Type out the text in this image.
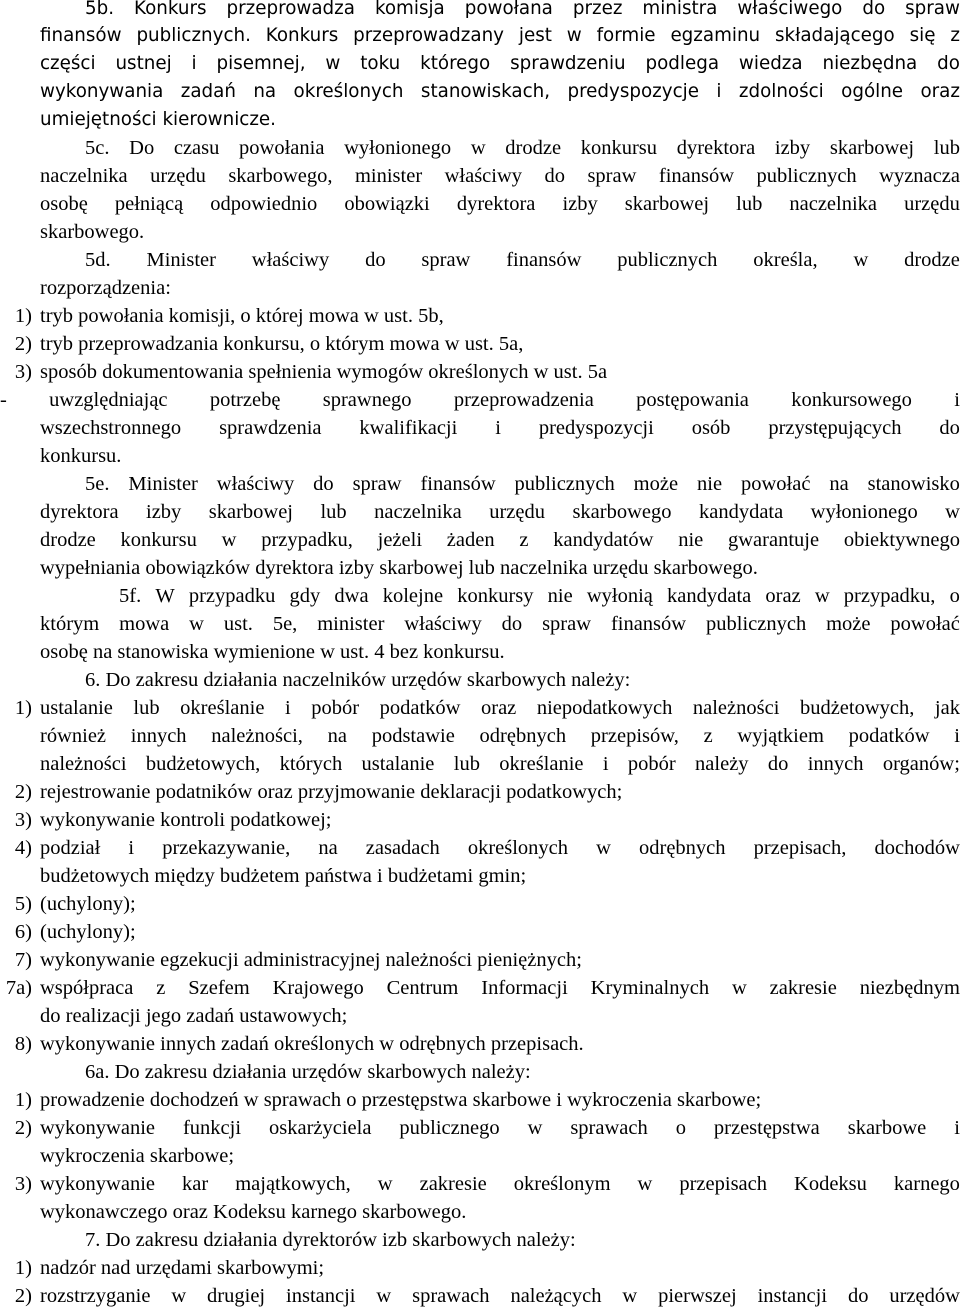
5b. Konkurs przeprowadza komisja powołana przez ministra właściwego do spraw
finansów publicznych. Konkurs przeprowadzany jest w formie egzaminu składającego się z
części ustnej i pisemnej, w toku którego sprawdzeniu podlega wiedza niezbędna do
wykonywania zadań na określonych stanowiskach, predyspozycje i zdolności ogólne oraz
umiejętności kierownicze.
5c. Do czasu powołania wyłonionego w drodze konkursu dyrektora izby skarbowej lub
naczelnika urzędu skarbowego, minister właściwy do spraw finansów publicznych wyznacza
osobę pełniącą odpowiednio obowiązki dyrektora izby skarbowej lub naczelnika urzędu
skarbowego.
5d. Minister właściwy do spraw finansów publicznych określa, w drodze
rozporządzenia:
tryb powołania komisji, o której mowa w ust. 5b,
1)
tryb przeprowadzania konkursu, o którym mowa w ust. 5a,
2)
sposób dokumentowania spełnienia wymogów określonych w ust. 5a
3)
- uwzględniając potrzebę sprawnego przeprowadzenia postępowania konkursowego i
wszechstronnego sprawdzenia kwalifikacji i predyspozycji osób przystępujących do
konkursu.
5e. Minister właściwy do spraw finansów publicznych może nie powołać na stanowisko
dyrektora izby skarbowej lub naczelnika urzędu skarbowego kandydata wyłonionego w
drodze konkursu w przypadku, jeżeli żaden z kandydatów nie gwarantuje obiektywnego
wypełniania obowiązków dyrektora izby skarbowej lub naczelnika urzędu skarbowego.
5f. W przypadku gdy dwa kolejne konkursy nie wyłonią kandydata oraz w przypadku, o
którym mowa w ust. 5e, minister właściwy do spraw finansów publicznych może powołać
osobę na stanowiska wymienione w ust. 4 bez konkursu.
6. Do zakresu działania naczelników urzędów skarbowych należy:
ustalanie lub określanie i pobór podatków oraz niepodatkowych należności budżetowych, jak
1)
również innych należności, na podstawie odrębnych przepisów, z wyjątkiem podatków i
należności budżetowych, których ustalanie lub określanie i pobór należy do innych organów;
rejestrowanie podatników oraz przyjmowanie deklaracji podatkowych;
2)
wykonywanie kontroli podatkowej;
3)
podział i przekazywanie, na zasadach określonych w odrębnych przepisach, dochodów
4)
budżetowych między budżetem państwa i budżetami gmin;
(uchylony);
5)
(uchylony);
6)
wykonywanie egzekucji administracyjnej należności pieniężnych;
7)
współpraca z Szefem Krajowego Centrum Informacji Kryminalnych w zakresie niezbędnym
7a)
do realizacji jego zadań ustawowych;
wykonywanie innych zadań określonych w odrębnych przepisach.
8)
6a. Do zakresu działania urzędów skarbowych należy:
prowadzenie dochodzeń w sprawach o przestępstwa skarbowe i wykroczenia skarbowe;
1)
wykonywanie funkcji oskarżyciela publicznego w sprawach o przestępstwa skarbowe i
2)
wykroczenia skarbowe;
wykonywanie kar majątkowych, w zakresie określonym w przepisach Kodeksu karnego
3)
wykonawczego oraz Kodeksu karnego skarbowego.
7. Do zakresu działania dyrektorów izb skarbowych należy:
nadzór nad urzędami skarbowymi;
1)
rozstrzyganie w drugiej instancji w sprawach należących w pierwszej instancji do urzędów
2)
